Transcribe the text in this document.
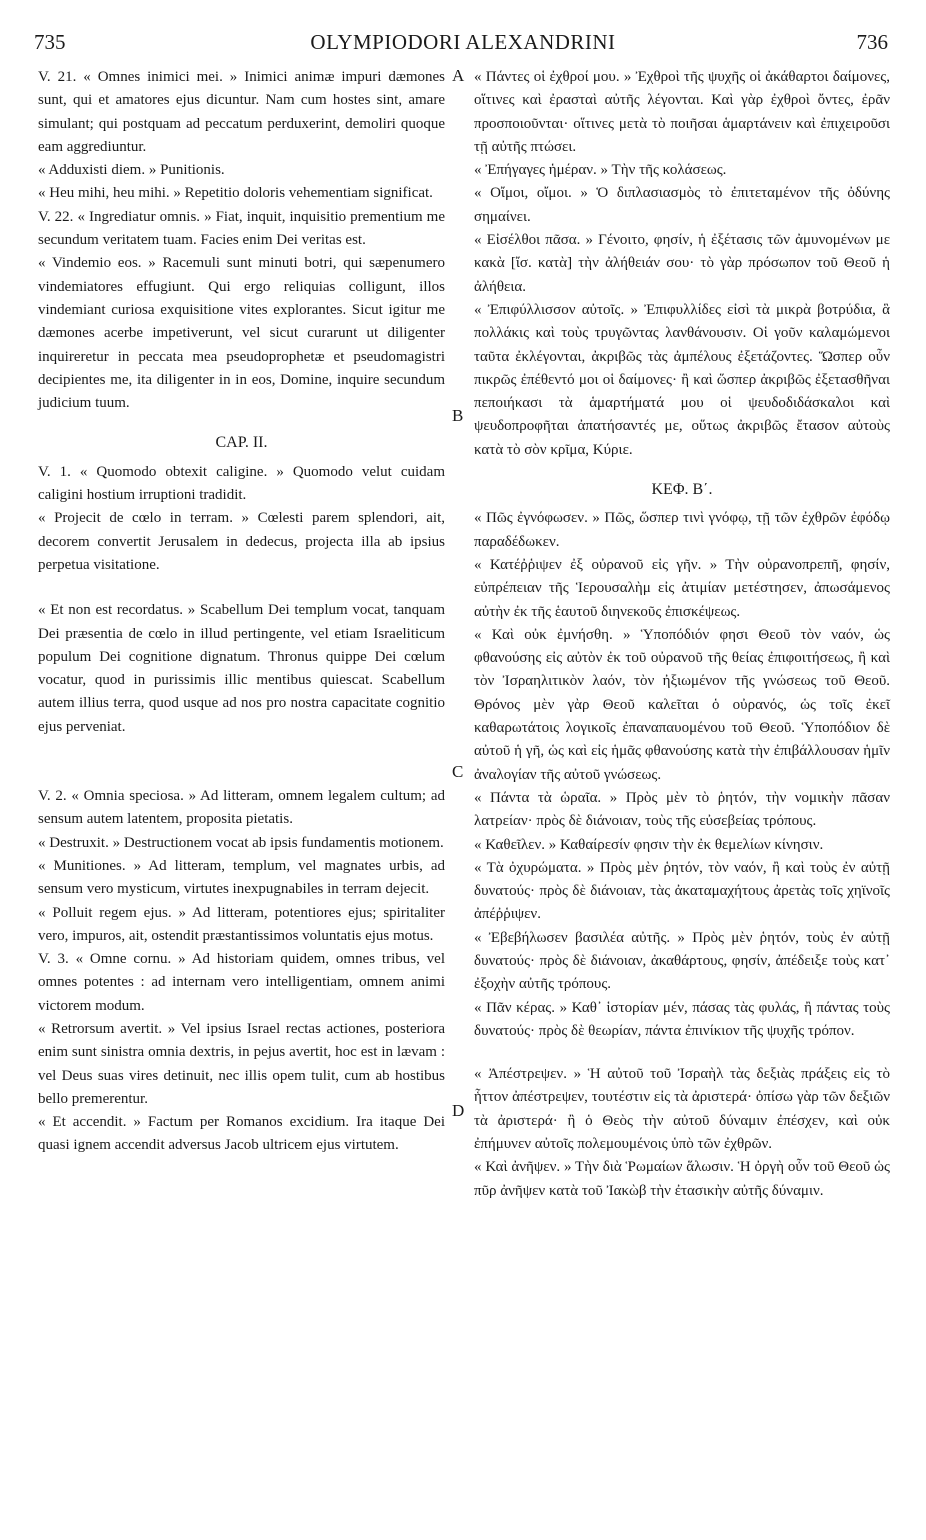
735	OLYMPIODORI ALEXANDRINI	736
A
B
C
D

V. 21. « Omnes inimici mei. » Inimici animæ impuri dæmones sunt, qui et amatores ejus dicuntur. Nam cum hostes sint, amare simulant; qui postquam ad peccatum perduxerint, demoliri quoque eam aggrediuntur.

« Adduxisti diem. » Punitionis.

« Heu mihi, heu mihi. » Repetitio doloris vehementiam significat.

V. 22. « Ingrediatur omnis. » Fiat, inquit, inquisitio prementium me secundum veritatem tuam. Facies enim Dei veritas est.

« Vindemio eos. » Racemuli sunt minuti botri, qui sæpenumero vindemiatores effugiunt. Qui ergo reliquias colligunt, illos vindemiant curiosa exquisitione vites explorantes. Sicut igitur me dæmones acerbe impetiverunt, vel sicut curarunt ut diligenter inquireretur in peccata mea pseudoprophetæ et pseudomagistri decipientes me, ita diligenter in in eos, Domine, inquire secundum judicium tuum.

CAP. II.

V. 1. « Quomodo obtexit caligine. » Quomodo velut cuidam caligini hostium irruptioni tradidit.

« Projecit de cœlo in terram. » Cœlesti parem splendori, ait, decorem convertit Jerusalem in dedecus, projecta illa ab ipsius perpetua visitatione.

« Et non est recordatus. » Scabellum Dei templum vocat, tanquam Dei præsentia de cœlo in illud pertingente, vel etiam Israeliticum populum Dei cognitione dignatum. Thronus quippe Dei cœlum vocatur, quod in purissimis illic mentibus quiescat. Scabellum autem illius terra, quod usque ad nos pro nostra capacitate cognitio ejus perveniat.

V. 2. « Omnia speciosa. » Ad litteram, omnem legalem cultum; ad sensum autem latentem, proposita pietatis.

« Destruxit. » Destructionem vocat ab ipsis fundamentis motionem.

« Munitiones. » Ad litteram, templum, vel magnates urbis, ad sensum vero mysticum, virtutes inexpugnabiles in terram dejecit.

« Polluit regem ejus. » Ad litteram, potentiores ejus; spiritaliter vero, impuros, ait, ostendit præstantissimos voluntatis ejus motus.

V. 3. « Omne cornu. » Ad historiam quidem, omnes tribus, vel omnes potentes : ad internam vero intelligentiam, omnem animi victorem modum.

« Retrorsum avertit. » Vel ipsius Israel rectas actiones, posteriora enim sunt sinistra omnia dextris, in pejus avertit, hoc est in lævam : vel Deus suas vires detinuit, nec illis opem tulit, cum ab hostibus bello premerentur.

« Et accendit. » Factum per Romanos excidium. Ira itaque Dei quasi ignem accendit adversus Jacob ultricem ejus virtutem.

« Πάντες οἱ ἐχθροί μου. » Ἐχθροὶ τῆς ψυχῆς οἱ ἀκάθαρτοι δαίμονες, οἵτινες καὶ ἐρασταὶ αὐτῆς λέγονται. Καὶ γὰρ ἐχθροὶ ὄντες, ἐρᾶν προσποιοῦνται· οἵτινες μετὰ τὸ ποιῆσαι ἁμαρτάνειν καὶ ἐπιχειροῦσι τῇ αὐτῆς πτώσει.

« Ἐπήγαγες ἡμέραν. » Τὴν τῆς κολάσεως.

« Οἴμοι, οἴμοι. » Ὁ διπλασιασμὸς τὸ ἐπιτεταμένον τῆς ὀδύνης σημαίνει.

« Εἰσέλθοι πᾶσα. » Γένοιτο, φησίν, ἡ ἐξέτασις τῶν ἀμυνομένων με κακὰ [ἴσ. κατὰ] τὴν ἀλήθειάν σου· τὸ γὰρ πρόσωπον τοῦ Θεοῦ ἡ ἀλήθεια.

« Ἐπιφύλλισσον αὐτοῖς. » Ἐπιφυλλίδες εἰσὶ τὰ μικρὰ βοτρύδια, ἃ πολλάκις καὶ τοὺς τρυγῶντας λανθάνουσιν. Οἱ γοῦν καλαμώμενοι ταῦτα ἐκλέγονται, ἀκριβῶς τὰς ἀμπέλους ἐξετάζοντες. Ὥσπερ οὖν πικρῶς ἐπέθεντό μοι οἱ δαίμονες· ἢ καὶ ὥσπερ ἀκριβῶς ἐξετασθῆναι πεποιήκασι τὰ ἁμαρτήματά μου οἱ ψευδοδιδάσκαλοι καὶ ψευδοπροφῆται ἀπατήσαντές με, οὕτως ἀκριβῶς ἔτασον αὐτοὺς κατὰ τὸ σὸν κρῖμα, Κύριε.

ΚΕΦ. Β΄.

« Πῶς ἐγνόφωσεν. » Πῶς, ὥσπερ τινὶ γνόφῳ, τῇ τῶν ἐχθρῶν ἐφόδῳ παραδέδωκεν.

« Κατέῤῥιψεν ἐξ οὐρανοῦ εἰς γῆν. » Τὴν οὐρανοπρεπῆ, φησίν, εὐπρέπειαν τῆς Ἱερουσαλὴμ εἰς ἀτιμίαν μετέστησεν, ἀπωσάμενος αὐτὴν ἐκ τῆς ἑαυτοῦ διηνεκοῦς ἐπισκέψεως.

« Καὶ οὐκ ἐμνήσθη. » Ὑποπόδιόν φησι Θεοῦ τὸν ναόν, ὡς φθανούσης εἰς αὐτὸν ἐκ τοῦ οὐρανοῦ τῆς θείας ἐπιφοιτήσεως, ἢ καὶ τὸν Ἰσραηλιτικὸν λαόν, τὸν ἠξιωμένον τῆς γνώσεως τοῦ Θεοῦ. Θρόνος μὲν γὰρ Θεοῦ καλεῖται ὁ οὐρανός, ὡς τοῖς ἐκεῖ καθαρωτάτοις λογικοῖς ἐπαναπαυομένου τοῦ Θεοῦ. Ὑποπόδιον δὲ αὐτοῦ ἡ γῆ, ὡς καὶ εἰς ἡμᾶς φθανούσης κατὰ τὴν ἐπιβάλλουσαν ἡμῖν ἀναλογίαν τῆς αὐτοῦ γνώσεως.

« Πάντα τὰ ὡραῖα. » Πρὸς μὲν τὸ ῥητόν, τὴν νομικὴν πᾶσαν λατρείαν· πρὸς δὲ διάνοιαν, τοὺς τῆς εὐσεβείας τρόπους.

« Καθεῖλεν. » Καθαίρεσίν φησιν τὴν ἐκ θεμελίων κίνησιν.

« Τὰ ὀχυρώματα. » Πρὸς μὲν ῥητόν, τὸν ναόν, ἢ καὶ τοὺς ἐν αὐτῇ δυνατούς· πρὸς δὲ διάνοιαν, τὰς ἀκαταμαχήτους ἀρετὰς τοῖς χηϊνοῖς ἀπέῤῥιψεν.

« Ἐβεβήλωσεν βασιλέα αὐτῆς. » Πρὸς μὲν ῥητόν, τοὺς ἐν αὐτῇ δυνατούς· πρὸς δὲ διάνοιαν, ἀκαθάρτους, φησίν, ἀπέδειξε τοὺς κατ᾽ ἐξοχὴν αὐτῆς τρόπους.

« Πᾶν κέρας. » Καθ᾽ ἱστορίαν μέν, πάσας τὰς φυλάς, ἢ πάντας τοὺς δυνατούς· πρὸς δὲ θεωρίαν, πάντα ἐπινίκιον τῆς ψυχῆς τρόπον.

« Ἀπέστρεψεν. » Ἡ αὐτοῦ τοῦ Ἰσραὴλ τὰς δεξιὰς πράξεις εἰς τὸ ἧττον ἀπέστρεψεν, τουτέστιν εἰς τὰ ἀριστερά· ὀπίσω γὰρ τῶν δεξιῶν τὰ ἀριστερά· ἢ ὁ Θεὸς τὴν αὐτοῦ δύναμιν ἐπέσχεν, καὶ οὐκ ἐπήμυνεν αὐτοῖς πολεμουμένοις ὑπὸ τῶν ἐχθρῶν.

« Καὶ ἀνῆψεν. » Τὴν διὰ Ῥωμαίων ἅλωσιν. Ἡ ὀργὴ οὖν τοῦ Θεοῦ ὡς πῦρ ἀνῆψεν κατὰ τοῦ Ἰακὼβ τὴν ἐτασικὴν αὐτῆς δύναμιν.
